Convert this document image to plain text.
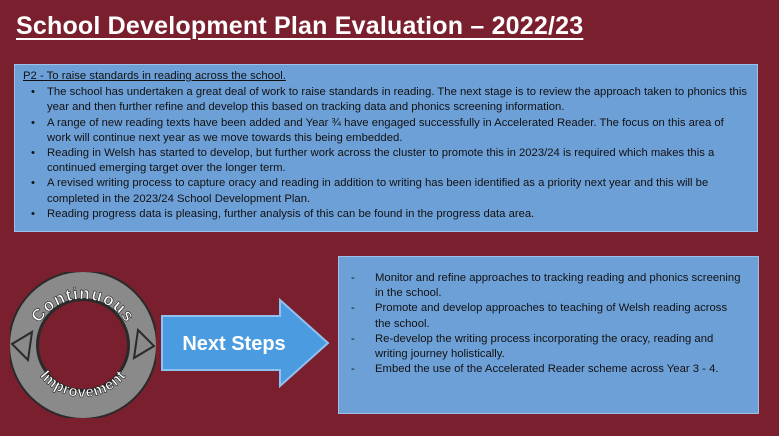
School Development Plan Evaluation – 2022/23
P2 - To raise standards in reading across the school.
• The school has undertaken a great deal of work to raise standards in reading. The next stage is to review the approach taken to phonics this year and then further refine and develop this based on tracking data and phonics screening information.
• A range of new reading texts have been added and Year ¾ have engaged successfully in Accelerated Reader. The focus on this area of work will continue next year as we move towards this being embedded.
• Reading in Welsh has started to develop, but further work across the cluster to promote this in 2023/24 is required which makes this a continued emerging target over the longer term.
• A revised writing process to capture oracy and reading in addition to writing has been identified as a priority next year and this will be completed in the 2023/24 School Development Plan.
• Reading progress data is pleasing, further analysis of this can be found in the progress data area.
Continuous
Improvement
Next Steps
- Monitor and refine approaches to tracking reading and phonics screening in the school.
- Promote and develop approaches to teaching of Welsh reading across the school.
- Re-develop the writing process incorporating the oracy, reading and writing journey holistically.
- Embed the use of the Accelerated Reader scheme across Year 3 - 4.
